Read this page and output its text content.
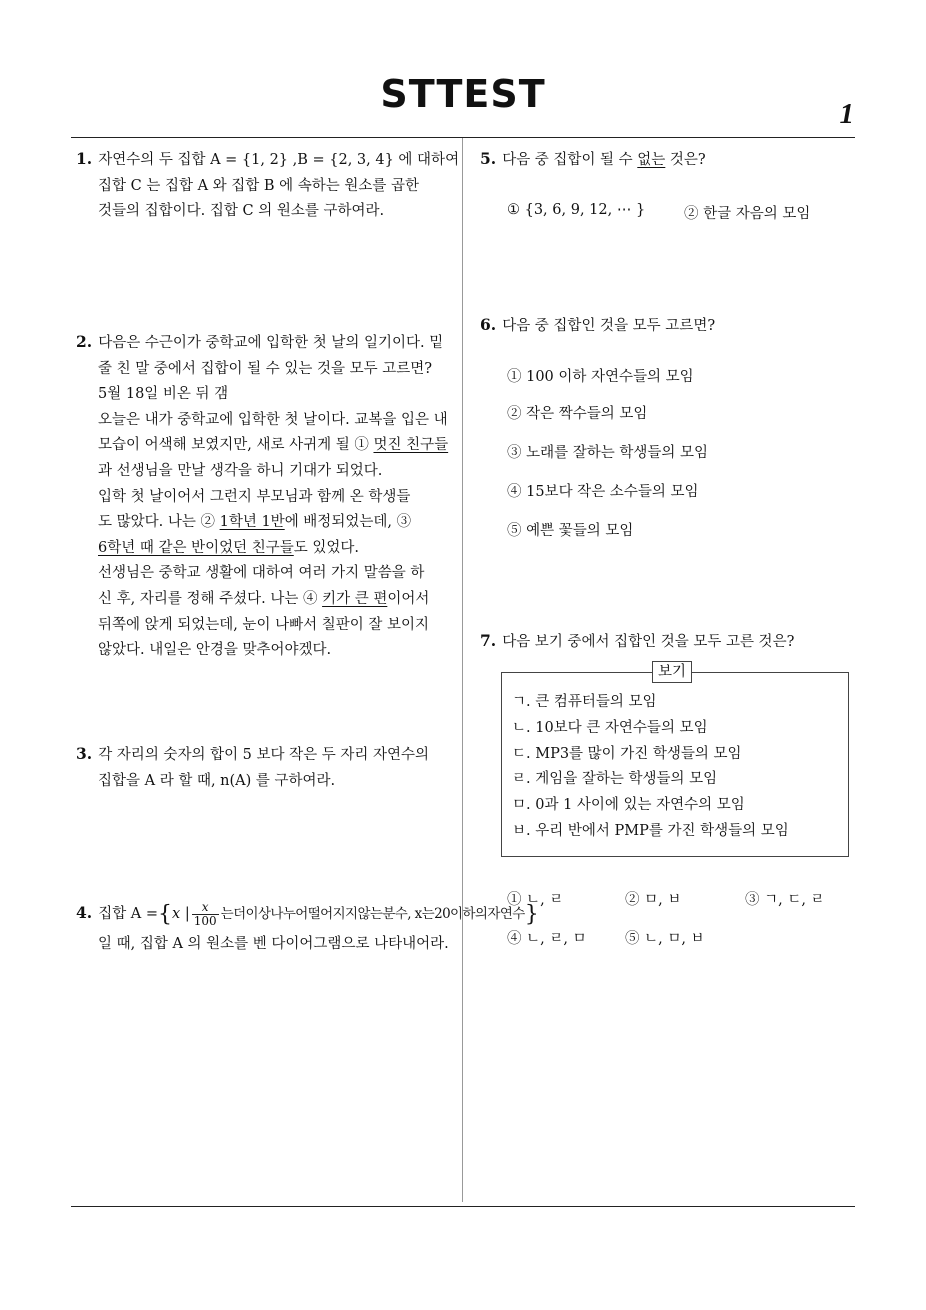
STTEST	1
1. 자연수의 두 집합 A = {1, 2} ,B = {2, 3, 4} 에 대하여
집합 C 는 집합 A 와 집합 B 에 속하는 원소를 곱한
것들의 집합이다. 집합 C 의 원소를 구하여라.
2. 다음은 수근이가 중학교에 입학한 첫 날의 일기이다. 밑
줄 친 말 중에서 집합이 될 수 있는 것을 모두 고르면?
5월 18일 비온 뒤 갬
오늘은 내가 중학교에 입학한 첫 날이다. 교복을 입은 내
모습이 어색해 보였지만, 새로 사귀게 될 ① 멋진 친구들
과 선생님을 만날 생각을 하니 기대가 되었다.
입학 첫 날이어서 그런지 부모님과 함께 온 학생들
도 많았다. 나는 ② 1학년 1반에 배정되었는데, ③
6학년 때 같은 반이었던 친구들도 있었다.
선생님은 중학교 생활에 대하여 여러 가지 말씀을 하
신 후, 자리를 정해 주셨다. 나는 ④ 키가 큰 편이어서
뒤쪽에 앉게 되었는데, 눈이 나빠서 칠판이 잘 보이지
않았다. 내일은 안경을 맞추어야겠다.
3. 각 자리의 숫자의 합이 5 보다 작은 두 자리 자연수의
집합을 A 라 할 때, n(A) 를 구하여라.
4. 집합 A ={x | $\frac{x}{100}$ 는더이상나누어떨어지지않는분수, x는20이하의자연수}
일 때, 집합 A 의 원소를 벤 다이어그램으로 나타내어라.
5. 다음 중 집합이 될 수 없는 것은?
① {3, 6, 9, 12, ⋯ }	② 한글 자음의 모임
6. 다음 중 집합인 것을 모두 고르면?
① 100 이하 자연수들의 모임
② 작은 짝수들의 모임
③ 노래를 잘하는 학생들의 모임
④ 15보다 작은 소수들의 모임
⑤ 예쁜 꽃들의 모임
7. 다음 보기 중에서 집합인 것을 모두 고른 것은?
보기
ㄱ. 큰 컴퓨터들의 모임
ㄴ. 10보다 큰 자연수들의 모임
ㄷ. MP3를 많이 가진 학생들의 모임
ㄹ. 게임을 잘하는 학생들의 모임
ㅁ. 0과 1 사이에 있는 자연수의 모임
ㅂ. 우리 반에서 PMP를 가진 학생들의 모임
① ㄴ, ㄹ	② ㅁ, ㅂ	③ ㄱ, ㄷ, ㄹ
④ ㄴ, ㄹ, ㅁ	⑤ ㄴ, ㅁ, ㅂ
